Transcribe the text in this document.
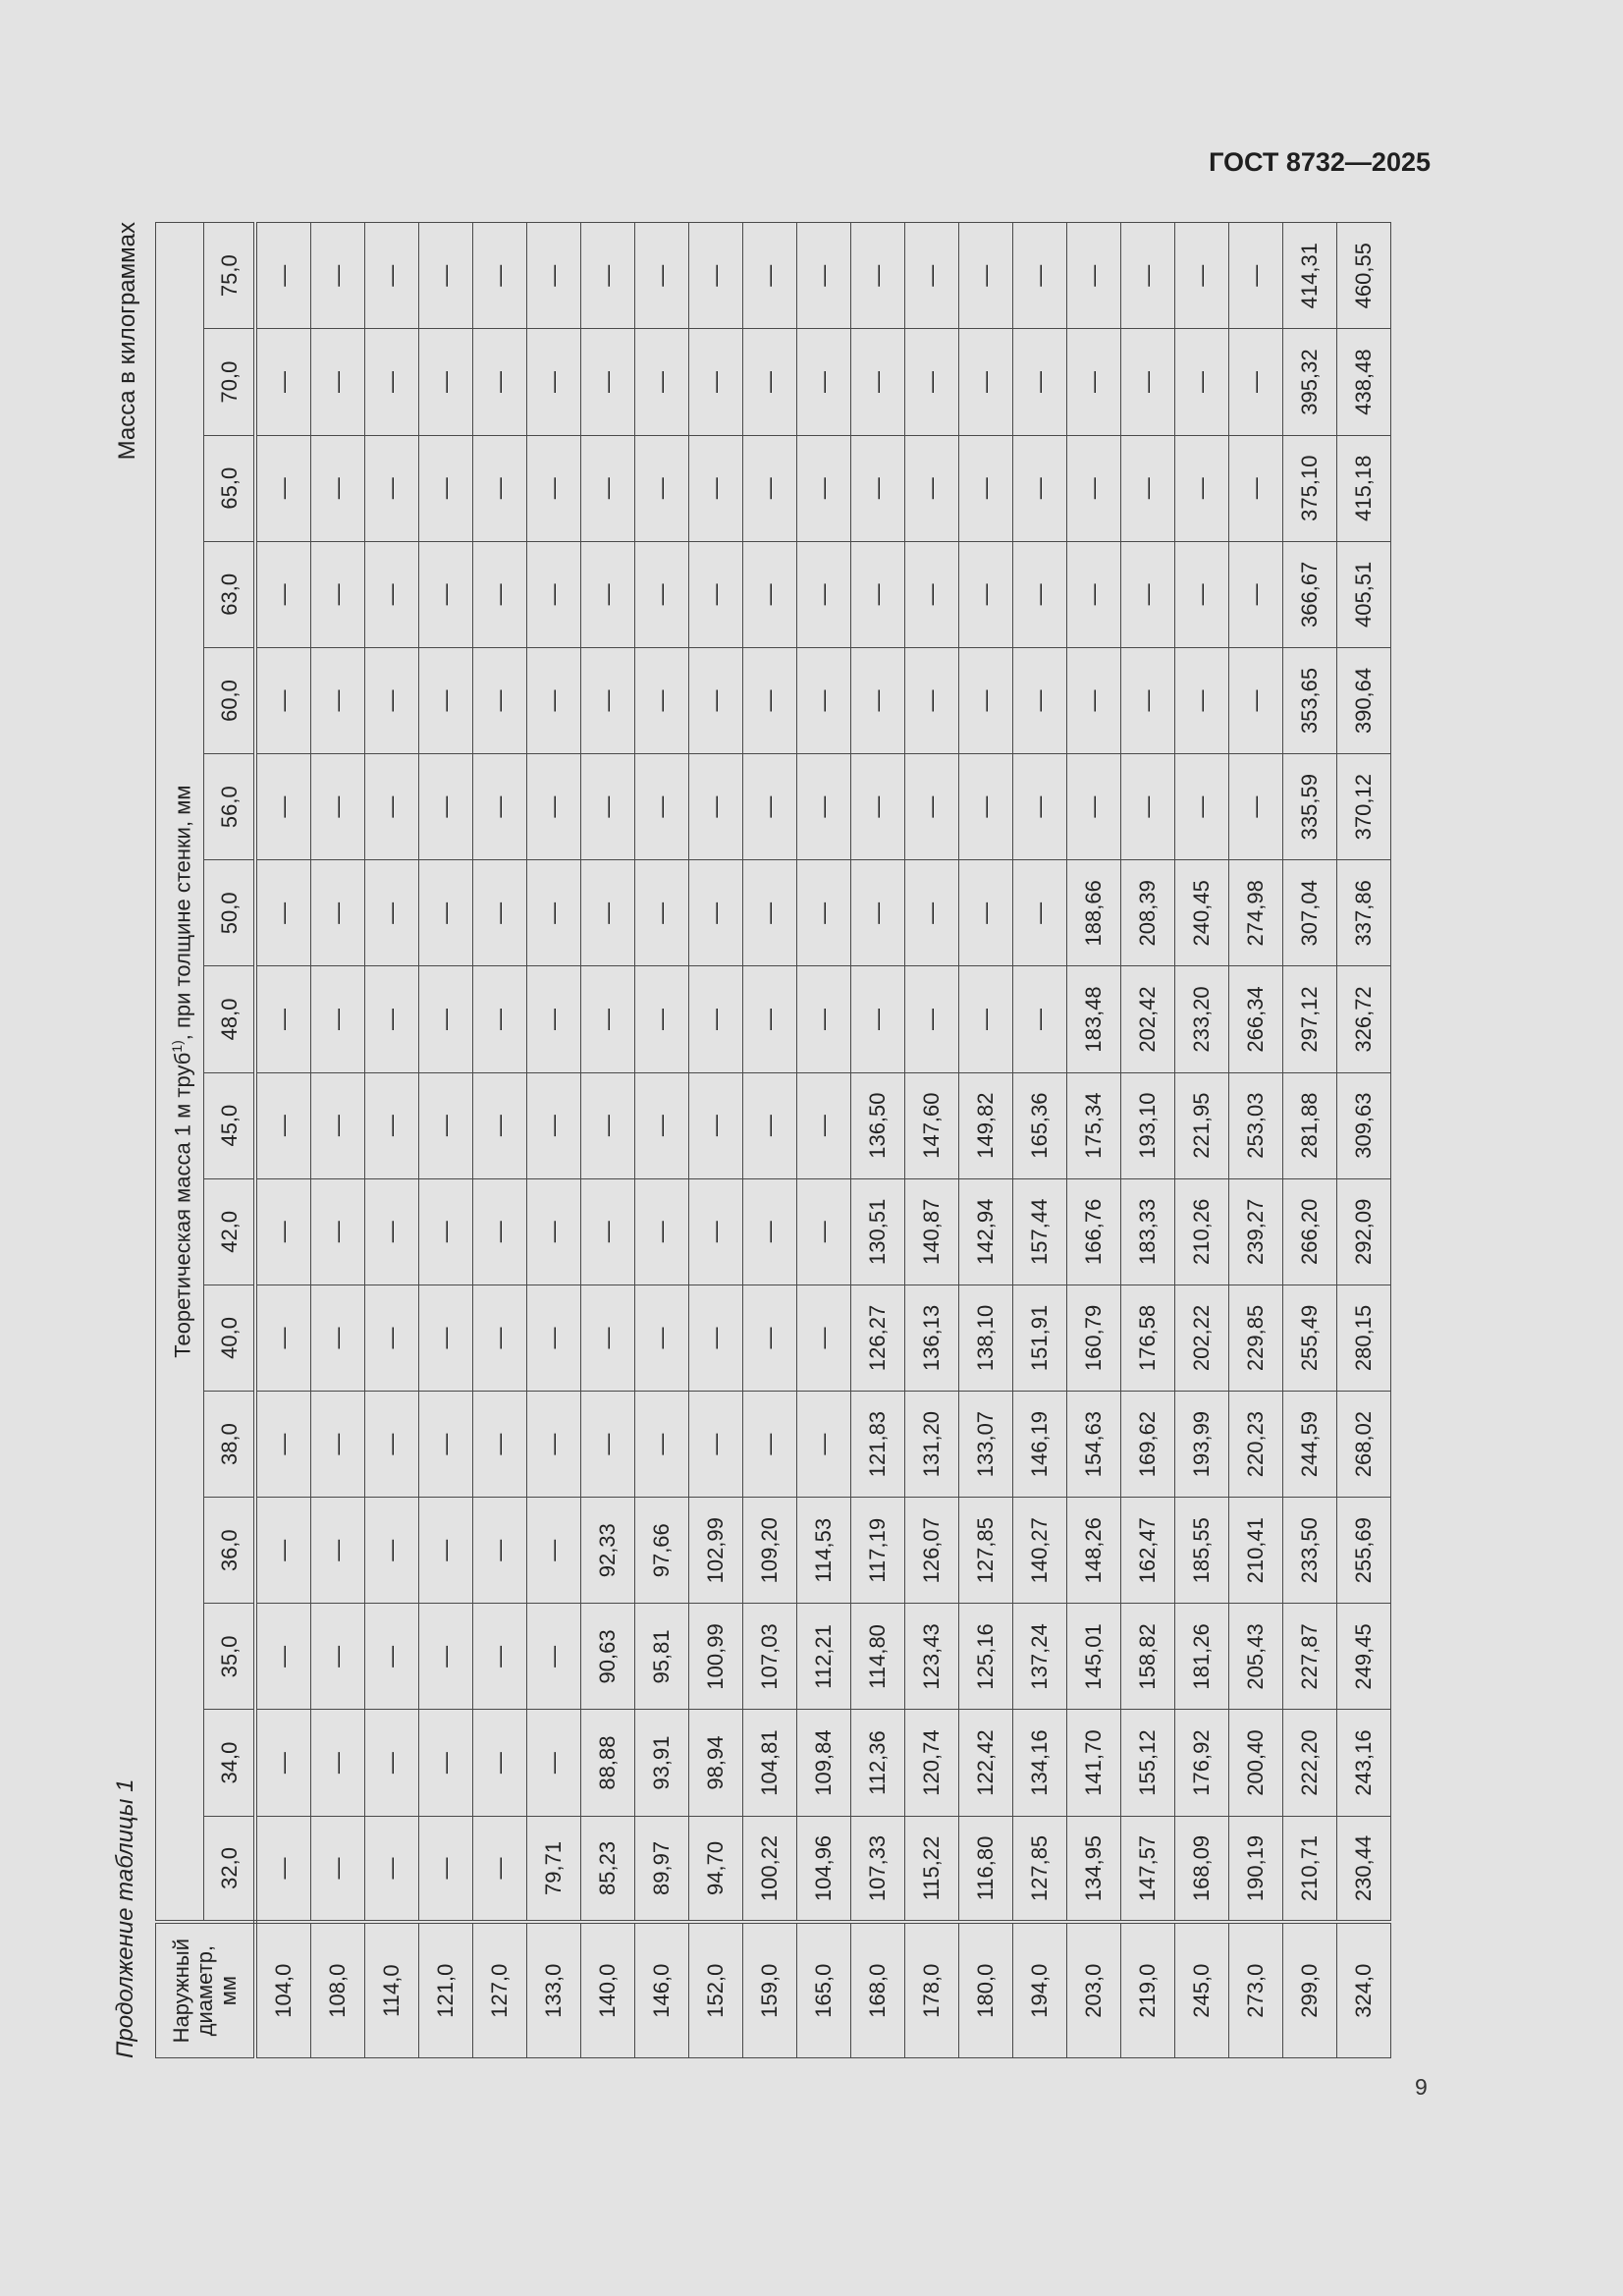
ГОСТ 8732—2025
Продолжение таблицы 1
Масса в килограммах
Наружный диаметр, мм	Теоретическая масса 1 м труб$^{1)}$, при толщине стенки, мм															
	32,0	34,0	35,0	36,0	38,0	40,0	42,0	45,0	48,0	50,0	56,0	60,0	63,0	65,0	70,0	75,0
104,0	—	—	—	—	—	—	—	—	—	—	—	—	—	—	—	—
108,0	—	—	—	—	—	—	—	—	—	—	—	—	—	—	—	—
114,0	—	—	—	—	—	—	—	—	—	—	—	—	—	—	—	—
121,0	—	—	—	—	—	—	—	—	—	—	—	—	—	—	—	—
127,0	—	—	—	—	—	—	—	—	—	—	—	—	—	—	—	—
133,0	79,71	—	—	—	—	—	—	—	—	—	—	—	—	—	—	—
140,0	85,23	88,88	90,63	92,33	—	—	—	—	—	—	—	—	—	—	—	—
146,0	89,97	93,91	95,81	97,66	—	—	—	—	—	—	—	—	—	—	—	—
152,0	94,70	98,94	100,99	102,99	—	—	—	—	—	—	—	—	—	—	—	—
159,0	100,22	104,81	107,03	109,20	—	—	—	—	—	—	—	—	—	—	—	—
165,0	104,96	109,84	112,21	114,53	—	—	—	—	—	—	—	—	—	—	—	—
168,0	107,33	112,36	114,80	117,19	121,83	126,27	130,51	136,50	—	—	—	—	—	—	—	—
178,0	115,22	120,74	123,43	126,07	131,20	136,13	140,87	147,60	—	—	—	—	—	—	—	—
180,0	116,80	122,42	125,16	127,85	133,07	138,10	142,94	149,82	—	—	—	—	—	—	—	—
194,0	127,85	134,16	137,24	140,27	146,19	151,91	157,44	165,36	—	—	—	—	—	—	—	—
203,0	134,95	141,70	145,01	148,26	154,63	160,79	166,76	175,34	183,48	188,66	—	—	—	—	—	—
219,0	147,57	155,12	158,82	162,47	169,62	176,58	183,33	193,10	202,42	208,39	—	—	—	—	—	—
245,0	168,09	176,92	181,26	185,55	193,99	202,22	210,26	221,95	233,20	240,45	—	—	—	—	—	—
273,0	190,19	200,40	205,43	210,41	220,23	229,85	239,27	253,03	266,34	274,98	—	—	—	—	—	—
299,0	210,71	222,20	227,87	233,50	244,59	255,49	266,20	281,88	297,12	307,04	335,59	353,65	366,67	375,10	395,32	414,31
324,0	230,44	243,16	249,45	255,69	268,02	280,15	292,09	309,63	326,72	337,86	370,12	390,64	405,51	415,18	438,48	460,55
9
